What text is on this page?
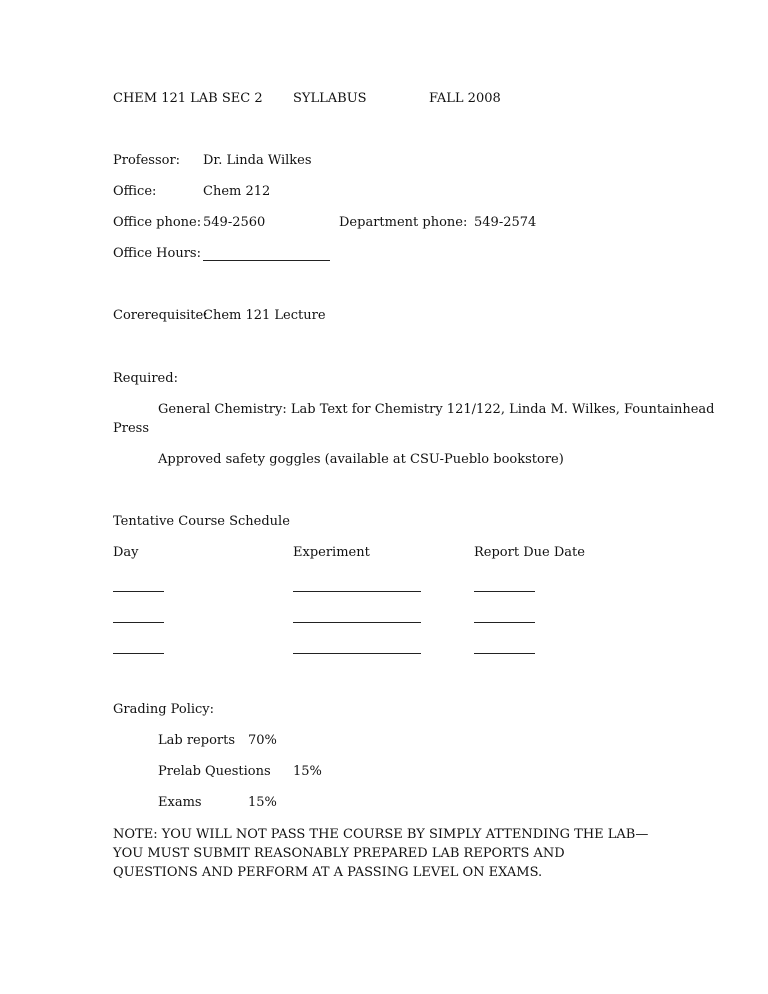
CHEM 121 LAB SEC 2 SYLLABUS	FALL 2008
Professor: Dr. Linda Wilkes
Office:	Chem 212
Office phone: 549-2560	Department phone: 549-2574
Office Hours:
Corerequisite:
Chem 121 Lecture
Required:
General Chemistry: Lab Text for Chemistry 121/122, Linda M. Wilkes, Fountainhead
Press
Approved safety goggles (available at CSU-Pueblo bookstore)
Tentative Course Schedule
Day	Experiment	Report Due Date
Grading Policy:
Lab reports 70%
Prelab Questions 15%
Exams	15%
NOTE: YOU WILL NOT PASS THE COURSE BY SIMPLY ATTENDING THE LAB—YOU MUST SUBMIT REASONABLY PREPARED LAB REPORTS AND QUESTIONS AND PERFORM AT A PASSING LEVEL ON EXAMS.
